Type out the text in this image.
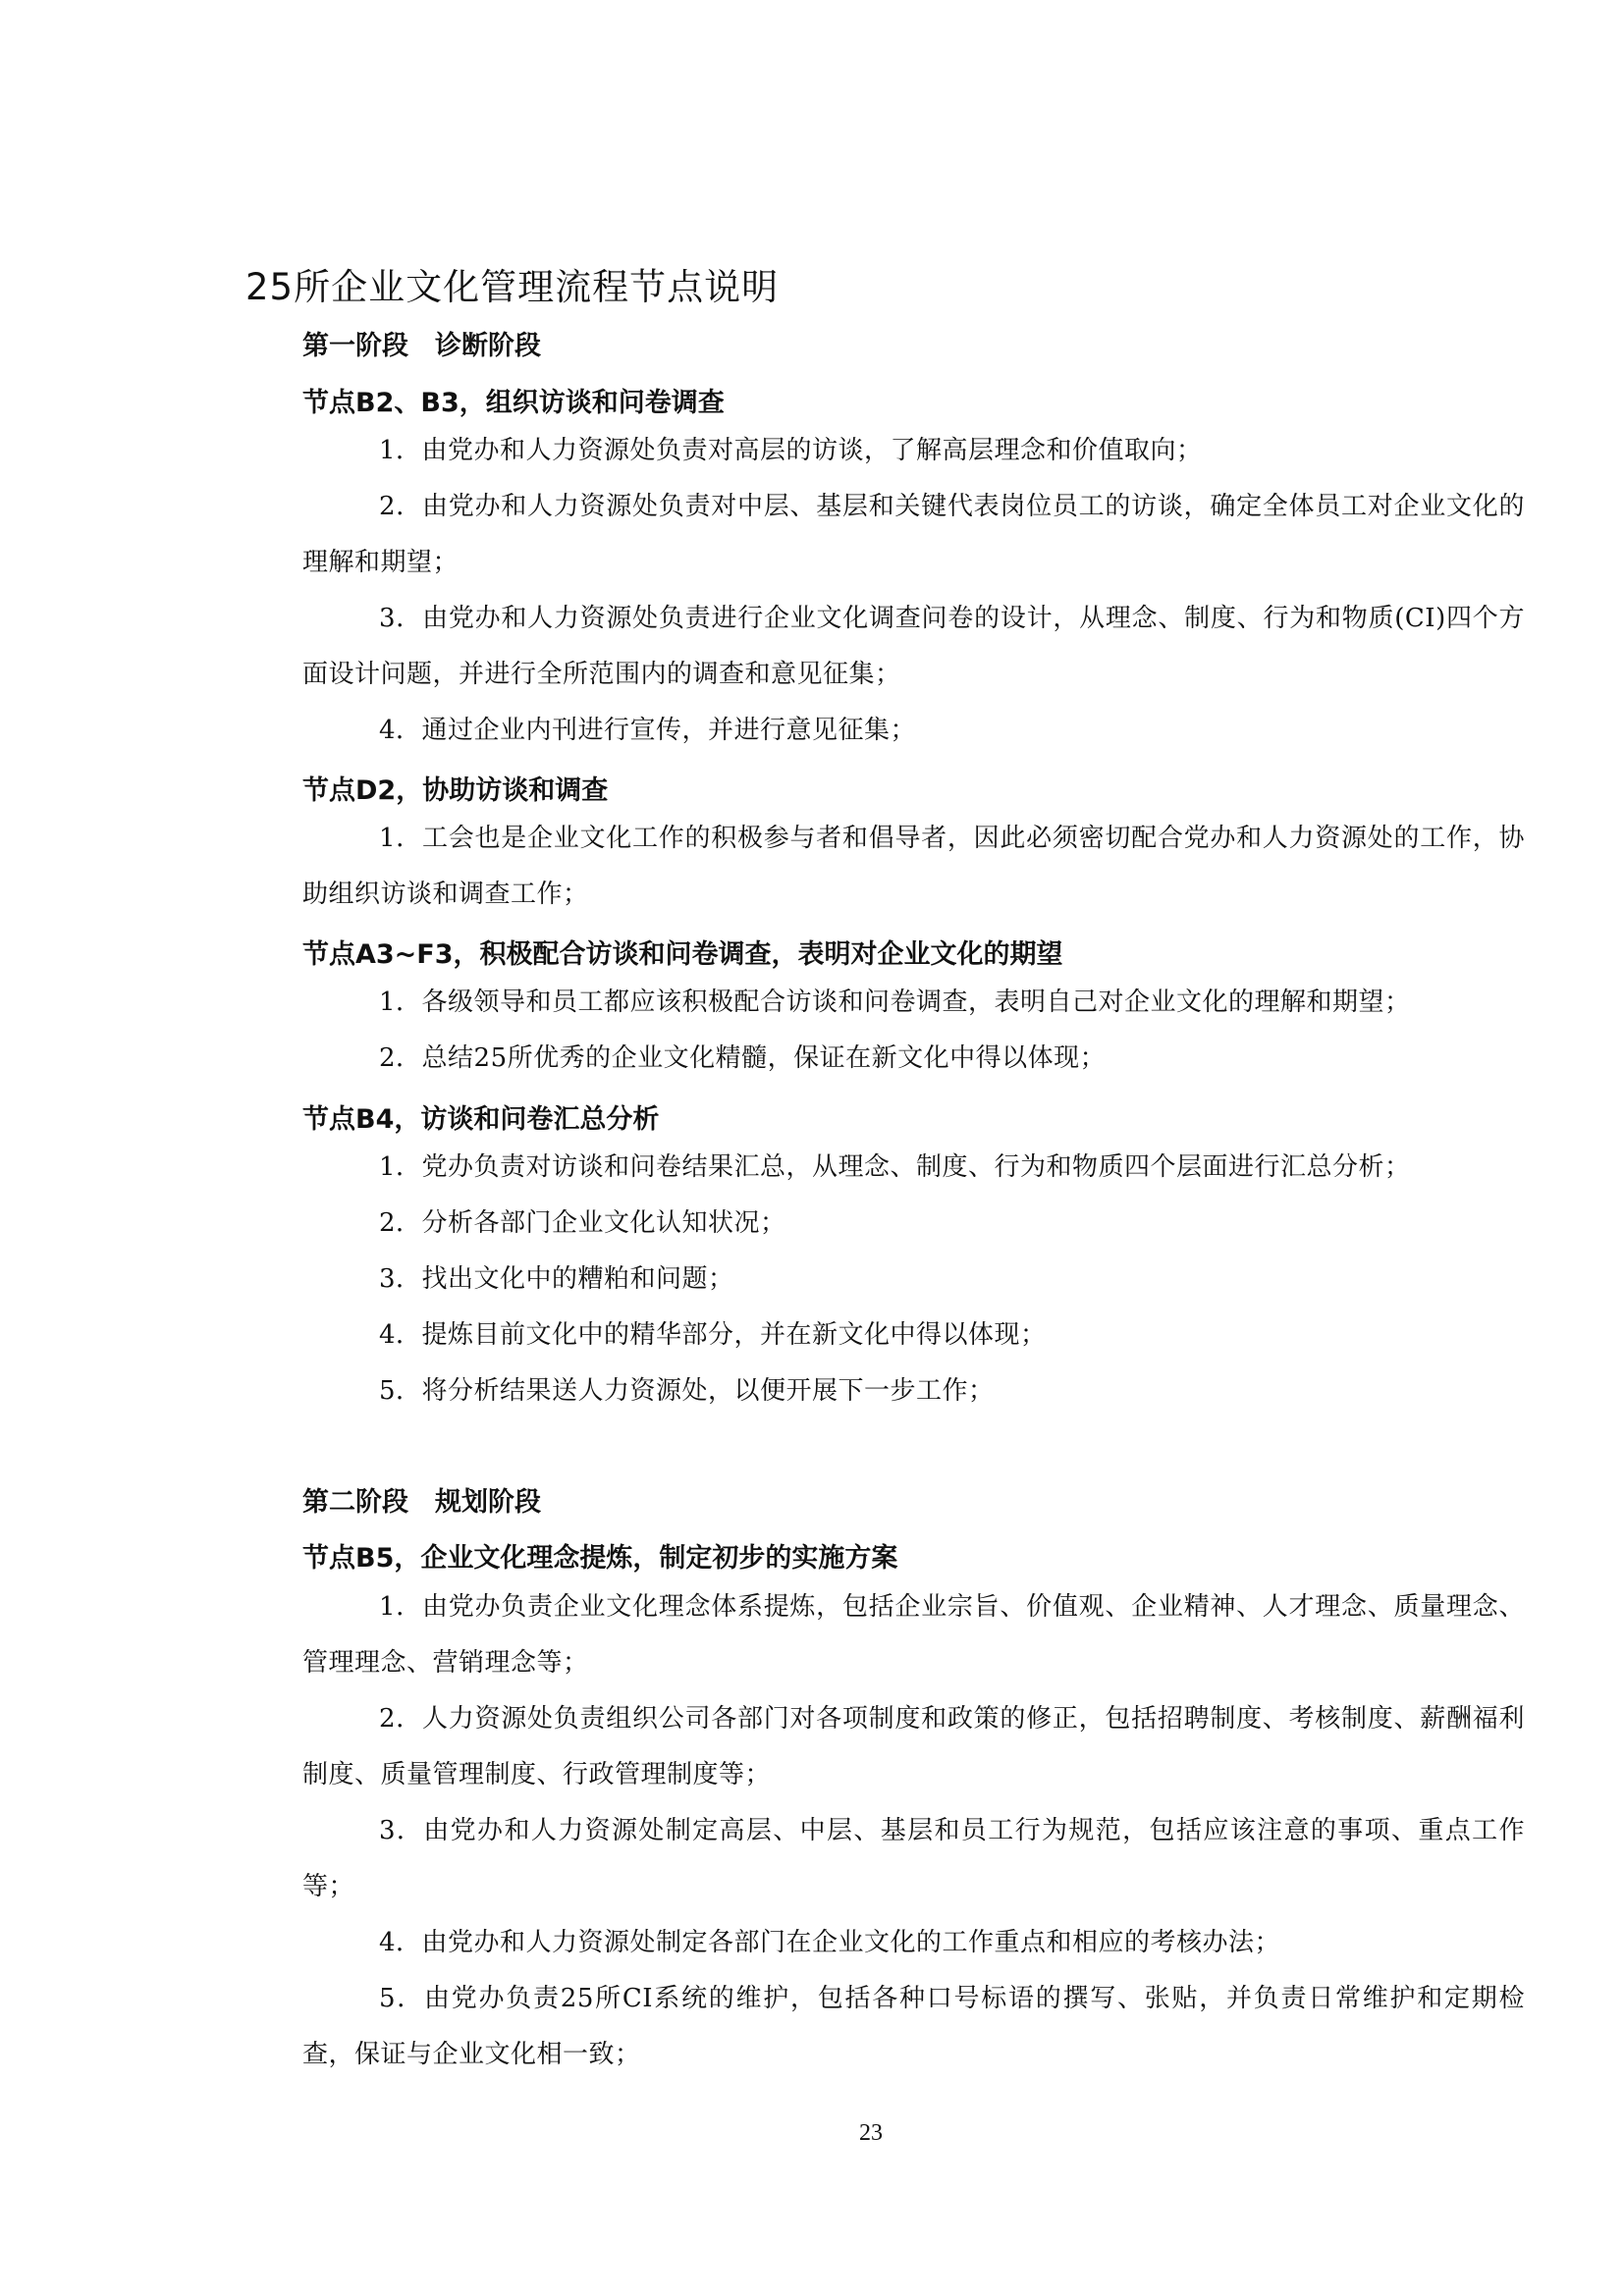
25所企业文化管理流程节点说明
第一阶段　诊断阶段
节点B2、B3，组织访谈和问卷调查
1．由党办和人力资源处负责对高层的访谈，了解高层理念和价值取向；
2．由党办和人力资源处负责对中层、基层和关键代表岗位员工的访谈，确定全体员工对企业文化的理解和期望；
3．由党办和人力资源处负责进行企业文化调查问卷的设计，从理念、制度、行为和物质(CI)四个方面设计问题，并进行全所范围内的调查和意见征集；
4．通过企业内刊进行宣传，并进行意见征集；
节点D2，协助访谈和调查
1．工会也是企业文化工作的积极参与者和倡导者，因此必须密切配合党办和人力资源处的工作，协助组织访谈和调查工作；
节点A3~F3，积极配合访谈和问卷调查，表明对企业文化的期望
1．各级领导和员工都应该积极配合访谈和问卷调查，表明自己对企业文化的理解和期望；
2．总结25所优秀的企业文化精髓，保证在新文化中得以体现；
节点B4，访谈和问卷汇总分析
1．党办负责对访谈和问卷结果汇总，从理念、制度、行为和物质四个层面进行汇总分析；
2．分析各部门企业文化认知状况；
3．找出文化中的糟粕和问题；
4．提炼目前文化中的精华部分，并在新文化中得以体现；
5．将分析结果送人力资源处，以便开展下一步工作；
第二阶段　规划阶段
节点B5，企业文化理念提炼，制定初步的实施方案
1．由党办负责企业文化理念体系提炼，包括企业宗旨、价值观、企业精神、人才理念、质量理念、管理理念、营销理念等；
2．人力资源处负责组织公司各部门对各项制度和政策的修正，包括招聘制度、考核制度、薪酬福利制度、质量管理制度、行政管理制度等；
3．由党办和人力资源处制定高层、中层、基层和员工行为规范，包括应该注意的事项、重点工作等；
4．由党办和人力资源处制定各部门在企业文化的工作重点和相应的考核办法；
5．由党办负责25所CI系统的维护，包括各种口号标语的撰写、张贴，并负责日常维护和定期检查，保证与企业文化相一致；
23
